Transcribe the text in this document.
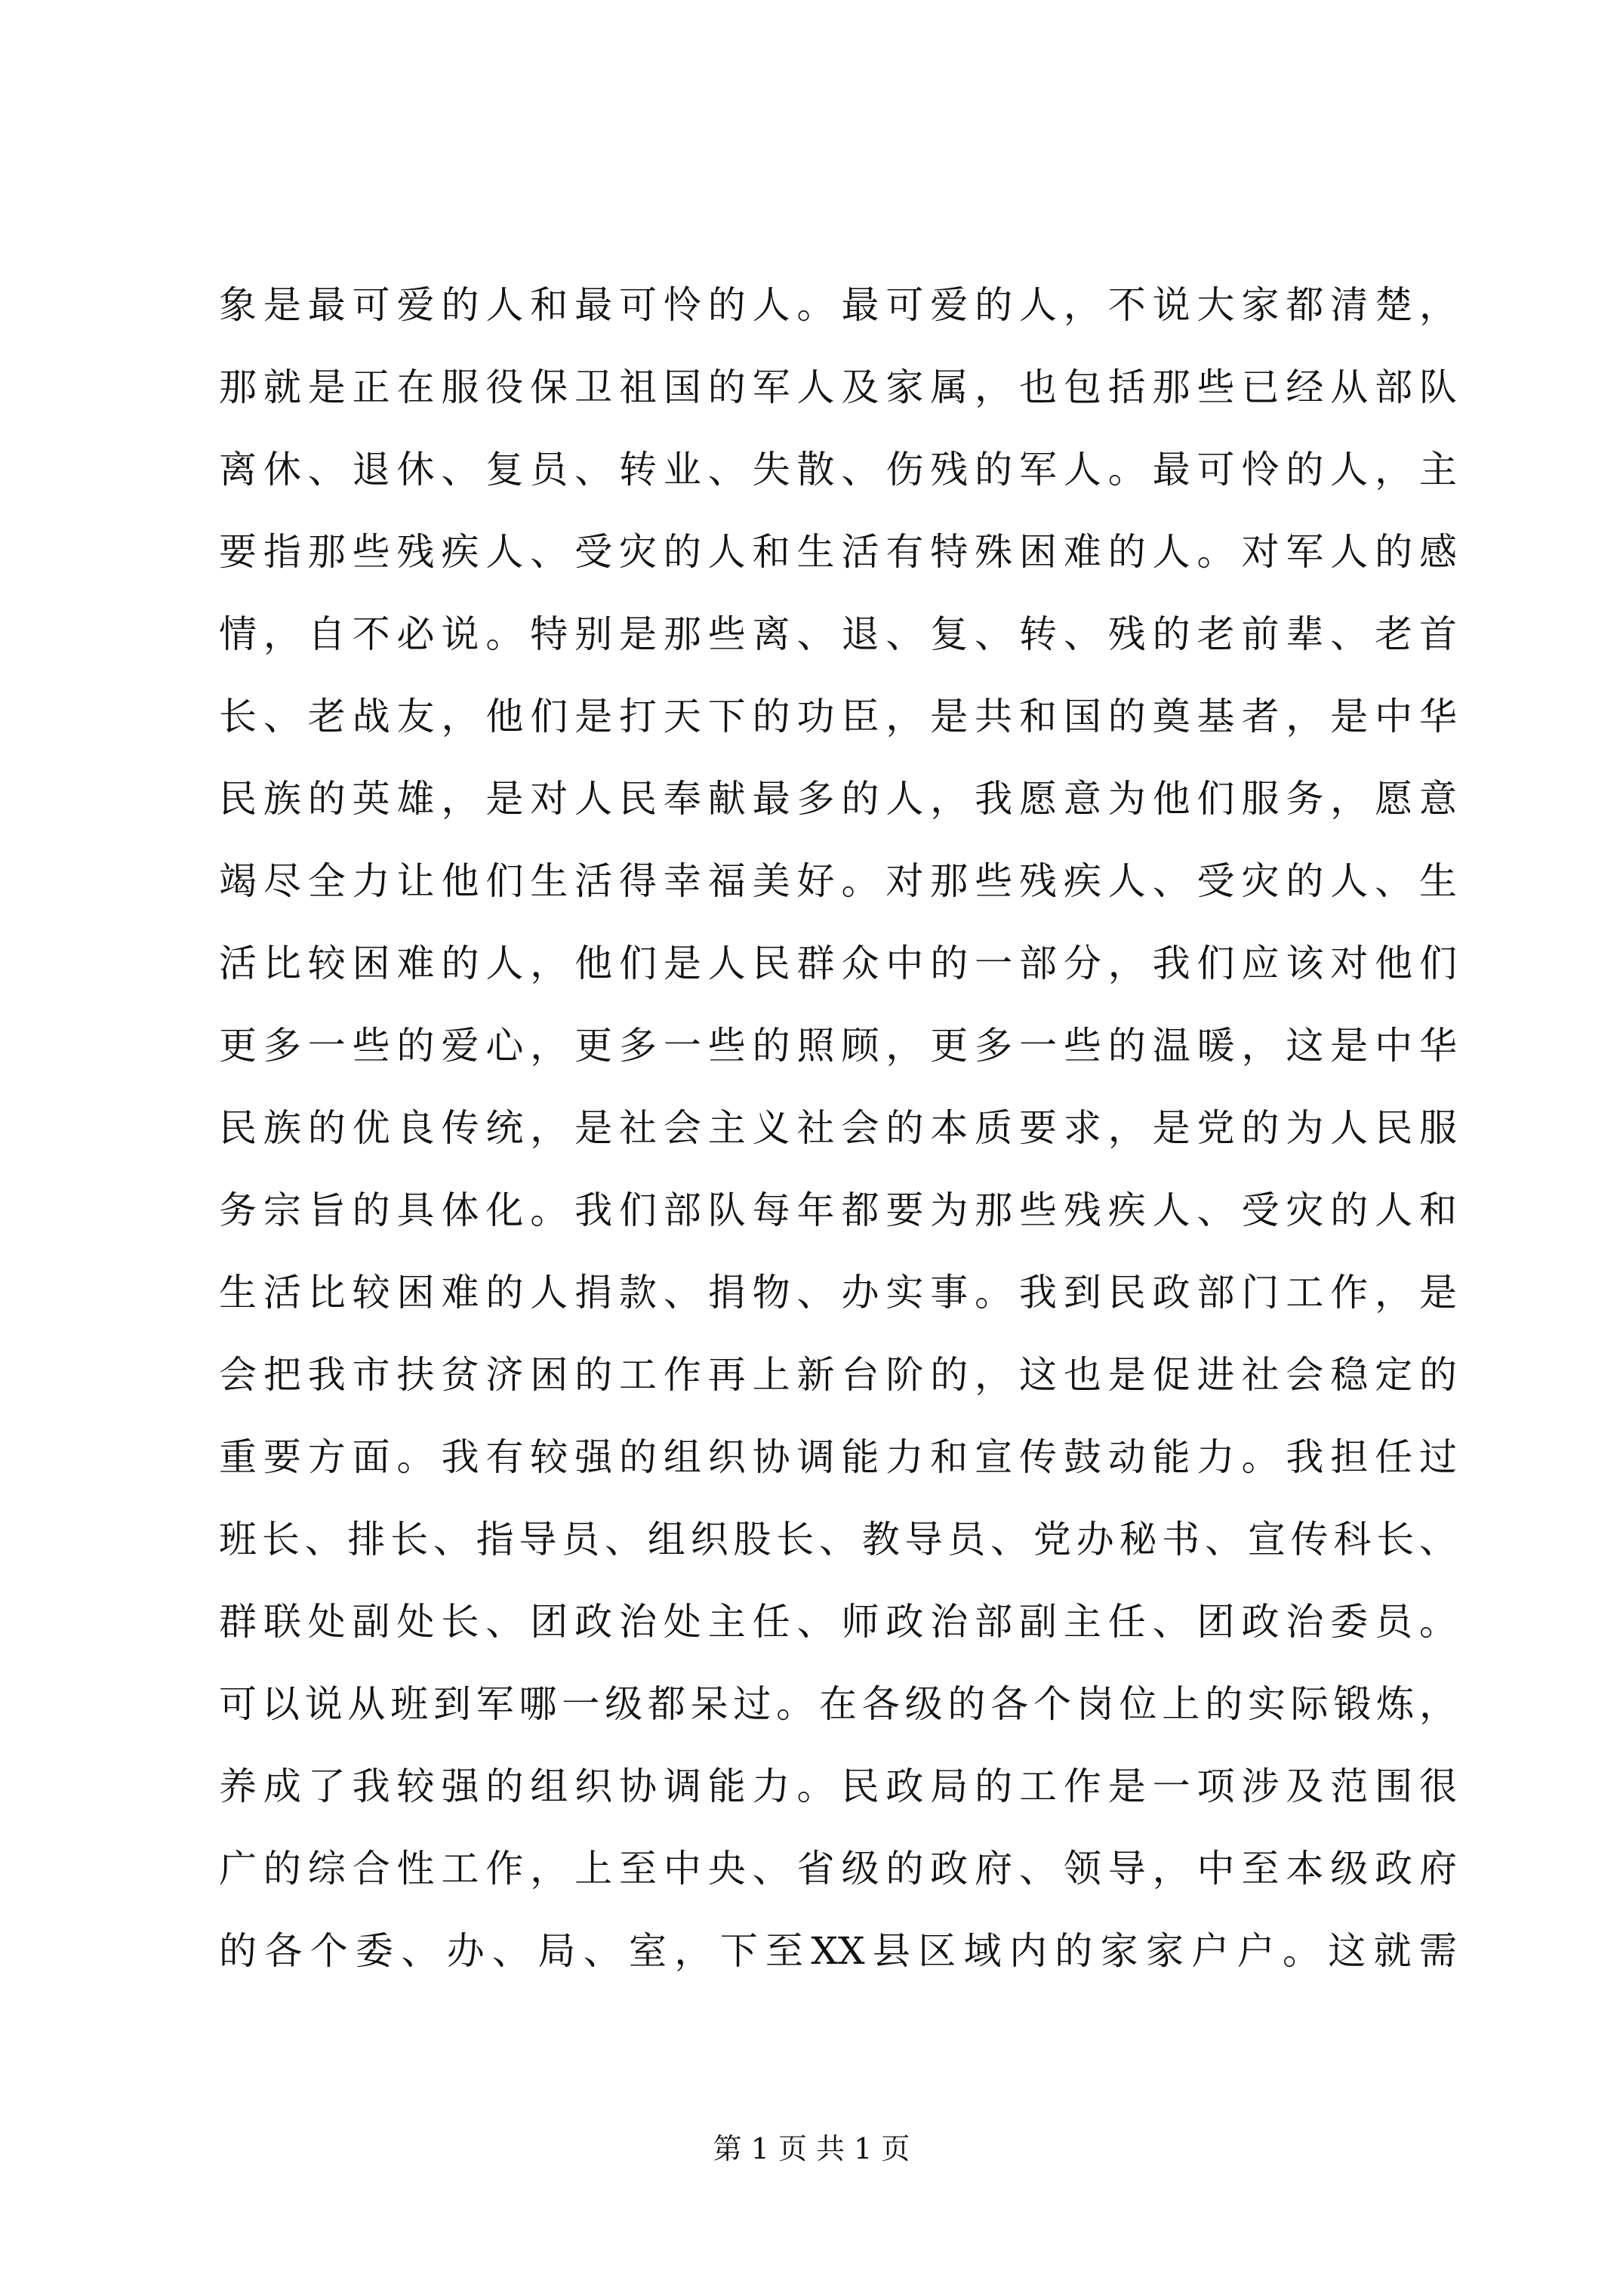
象是最可爱的人和最可怜的人。最可爱的人，不说大家都清楚，
那就是正在服役保卫祖国的军人及家属，也包括那些已经从部队
离休、退休、复员、转业、失散、伤残的军人。最可怜的人，主
要指那些残疾人、受灾的人和生活有特殊困难的人。对军人的感
情，自不必说。特别是那些离、退、复、转、残的老前辈、老首
长、老战友，他们是打天下的功臣，是共和国的奠基者，是中华
民族的英雄，是对人民奉献最多的人，我愿意为他们服务，愿意
竭尽全力让他们生活得幸福美好。对那些残疾人、受灾的人、生
活比较困难的人，他们是人民群众中的一部分，我们应该对他们
更多一些的爱心，更多一些的照顾，更多一些的温暖，这是中华
民族的优良传统，是社会主义社会的本质要求，是党的为人民服
务宗旨的具体化。我们部队每年都要为那些残疾人、受灾的人和
生活比较困难的人捐款、捐物、办实事。我到民政部门工作，是
会把我市扶贫济困的工作再上新台阶的，这也是促进社会稳定的
重要方面。我有较强的组织协调能力和宣传鼓动能力。我担任过
班长、排长、指导员、组织股长、教导员、党办秘书、宣传科长、
群联处副处长、团政治处主任、师政治部副主任、团政治委员。
可以说从班到军哪一级都呆过。在各级的各个岗位上的实际锻炼，
养成了我较强的组织协调能力。民政局的工作是一项涉及范围很
广的综合性工作，上至中央、省级的政府、领导，中至本级政府
的各个委、办、局、室，下至XX县区域内的家家户户。这就需
第 1 页 共 1 页
